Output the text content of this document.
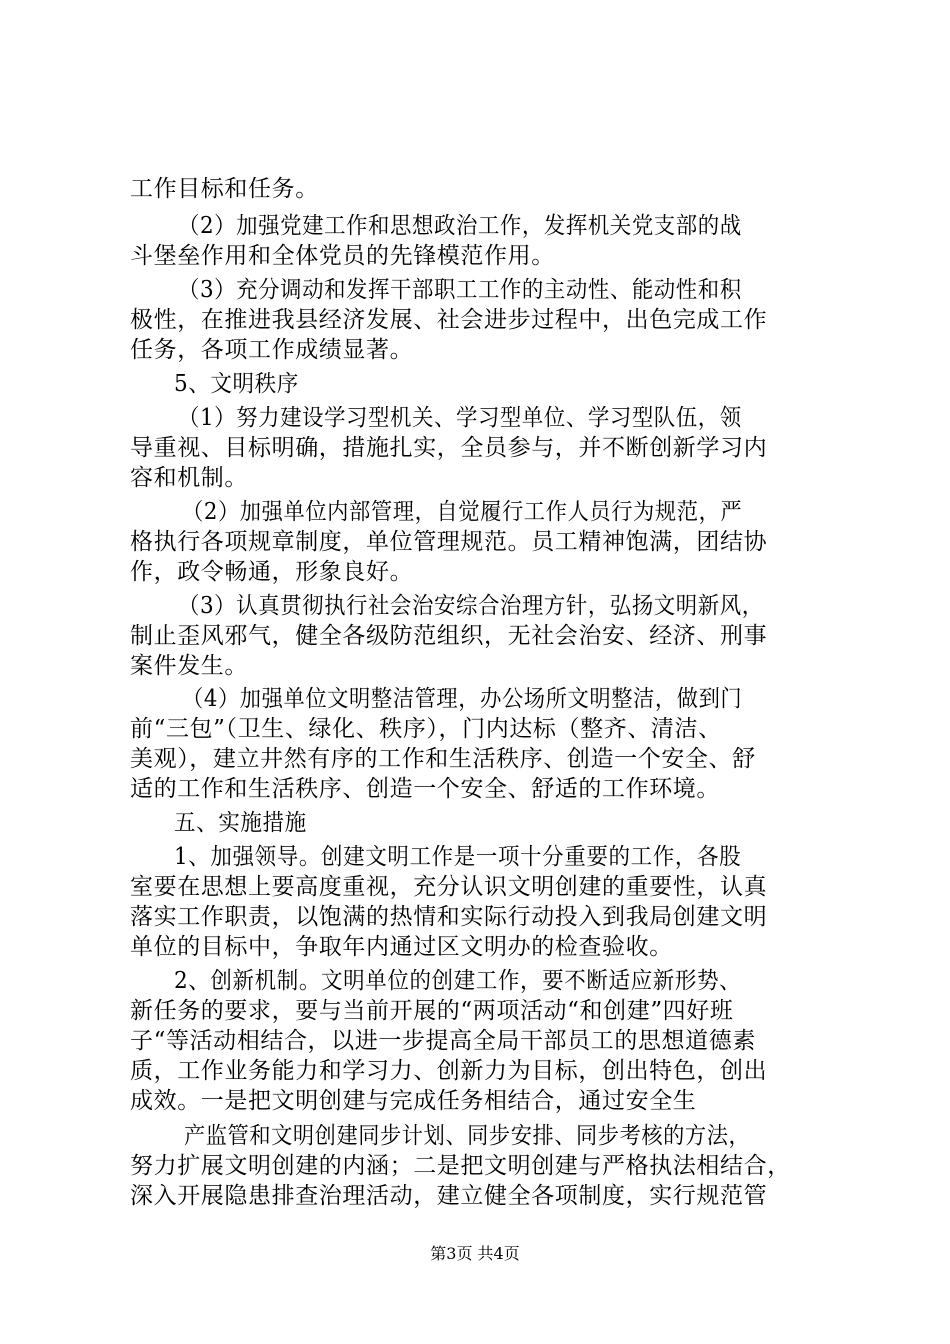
工作目标和任务。
（2）加强党建工作和思想政治工作，发挥机关党支部的战
斗堡垒作用和全体党员的先锋模范作用。
（3）充分调动和发挥干部职工工作的主动性、能动性和积
极性，在推进我县经济发展、社会进步过程中，出色完成工作
任务，各项工作成绩显著。
5、文明秩序
（1）努力建设学习型机关、学习型单位、学习型队伍，领
导重视、目标明确，措施扎实，全员参与，并不断创新学习内
容和机制。
（2）加强单位内部管理，自觉履行工作人员行为规范，严
格执行各项规章制度，单位管理规范。员工精神饱满，团结协
作，政令畅通，形象良好。
（3）认真贯彻执行社会治安综合治理方针，弘扬文明新风，
制止歪风邪气，健全各级防范组织，无社会治安、经济、刑事
案件发生。
（4）加强单位文明整洁管理，办公场所文明整洁，做到门
前“三包”（卫生、绿化、秩序），门内达标（整齐、清洁、
美观），建立井然有序的工作和生活秩序、创造一个安全、舒
适的工作和生活秩序、创造一个安全、舒适的工作环境。
五、实施措施
1、加强领导。创建文明工作是一项十分重要的工作，各股
室要在思想上要高度重视，充分认识文明创建的重要性，认真
落实工作职责，以饱满的热情和实际行动投入到我局创建文明
单位的目标中，争取年内通过区文明办的检查验收。
2、创新机制。文明单位的创建工作，要不断适应新形势、
新任务的要求，要与当前开展的“两项活动“和创建”四好班
子“等活动相结合，以进一步提高全局干部员工的思想道德素
质，工作业务能力和学习力、创新力为目标，创出特色，创出
成效。一是把文明创建与完成任务相结合，通过安全生
产监管和文明创建同步计划、同步安排、同步考核的方法，
努力扩展文明创建的内涵；二是把文明创建与严格执法相结合，
深入开展隐患排查治理活动，建立健全各项制度，实行规范管
第3页 共4页
